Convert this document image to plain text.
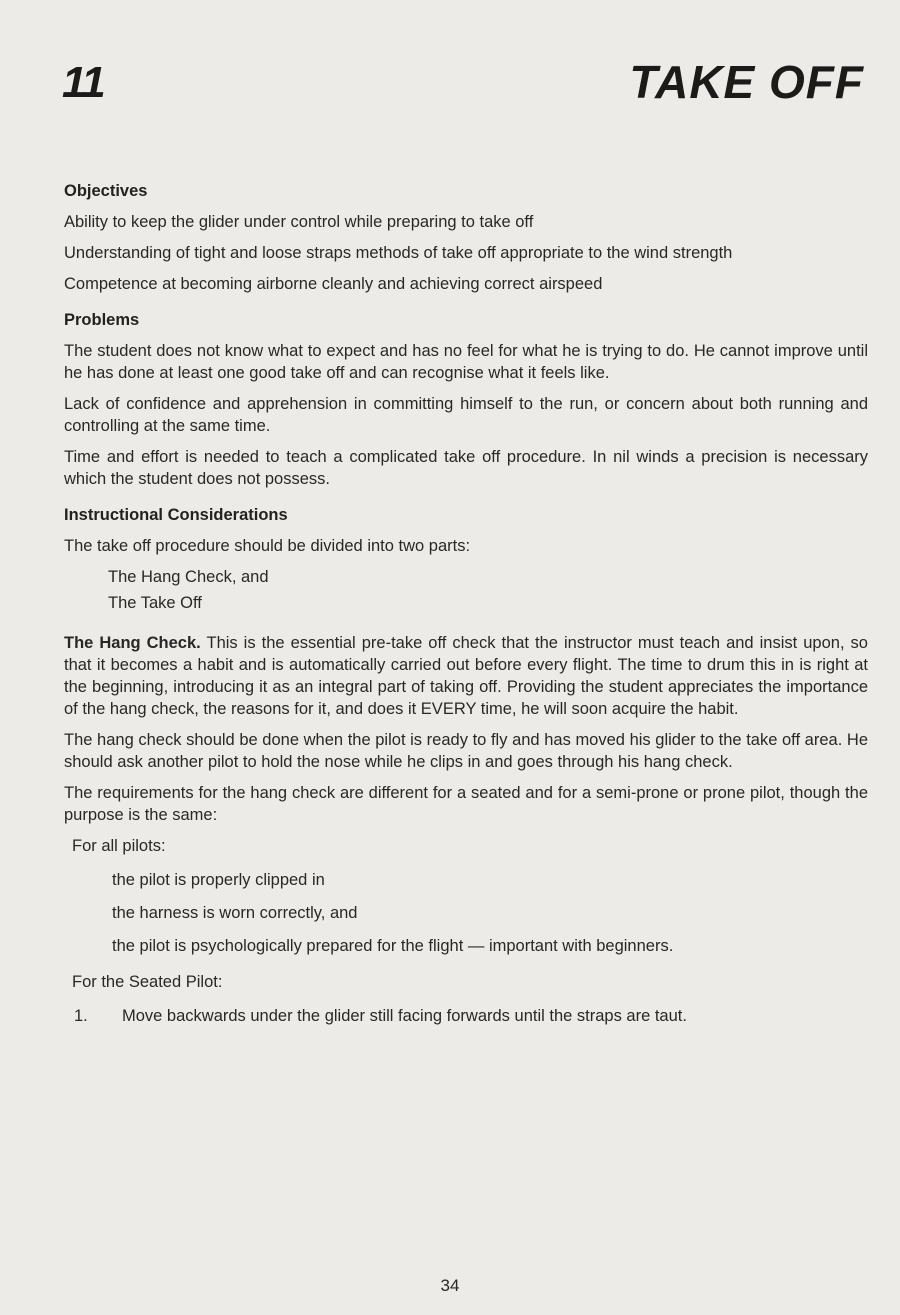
11	TAKE OFF
Objectives

Ability to keep the glider under control while preparing to take off

Understanding of tight and loose straps methods of take off appropriate to the wind strength

Competence at becoming airborne cleanly and achieving correct airspeed

Problems

The student does not know what to expect and has no feel for what he is trying to do. He cannot improve until he has done at least one good take off and can recognise what it feels like.

Lack of confidence and apprehension in committing himself to the run, or concern about both running and controlling at the same time.

Time and effort is needed to teach a complicated take off procedure. In nil winds a precision is necessary which the student does not possess.

Instructional Considerations

The take off procedure should be divided into two parts:

The Hang Check, and

The Take Off

The Hang Check. This is the essential pre-take off check that the instructor must teach and insist upon, so that it becomes a habit and is automatically carried out before every flight. The time to drum this in is right at the beginning, introducing it as an integral part of taking off. Providing the student appreciates the importance of the hang check, the reasons for it, and does it EVERY time, he will soon acquire the habit.

The hang check should be done when the pilot is ready to fly and has moved his glider to the take off area. He should ask another pilot to hold the nose while he clips in and goes through his hang check.

The requirements for the hang check are different for a seated and for a semi-prone or prone pilot, though the purpose is the same:

For all pilots:

the pilot is properly clipped in

the harness is worn correctly, and

the pilot is psychologically prepared for the flight — important with beginners.

For the Seated Pilot:

1.	Move backwards under the glider still facing forwards until the straps are taut.
34
